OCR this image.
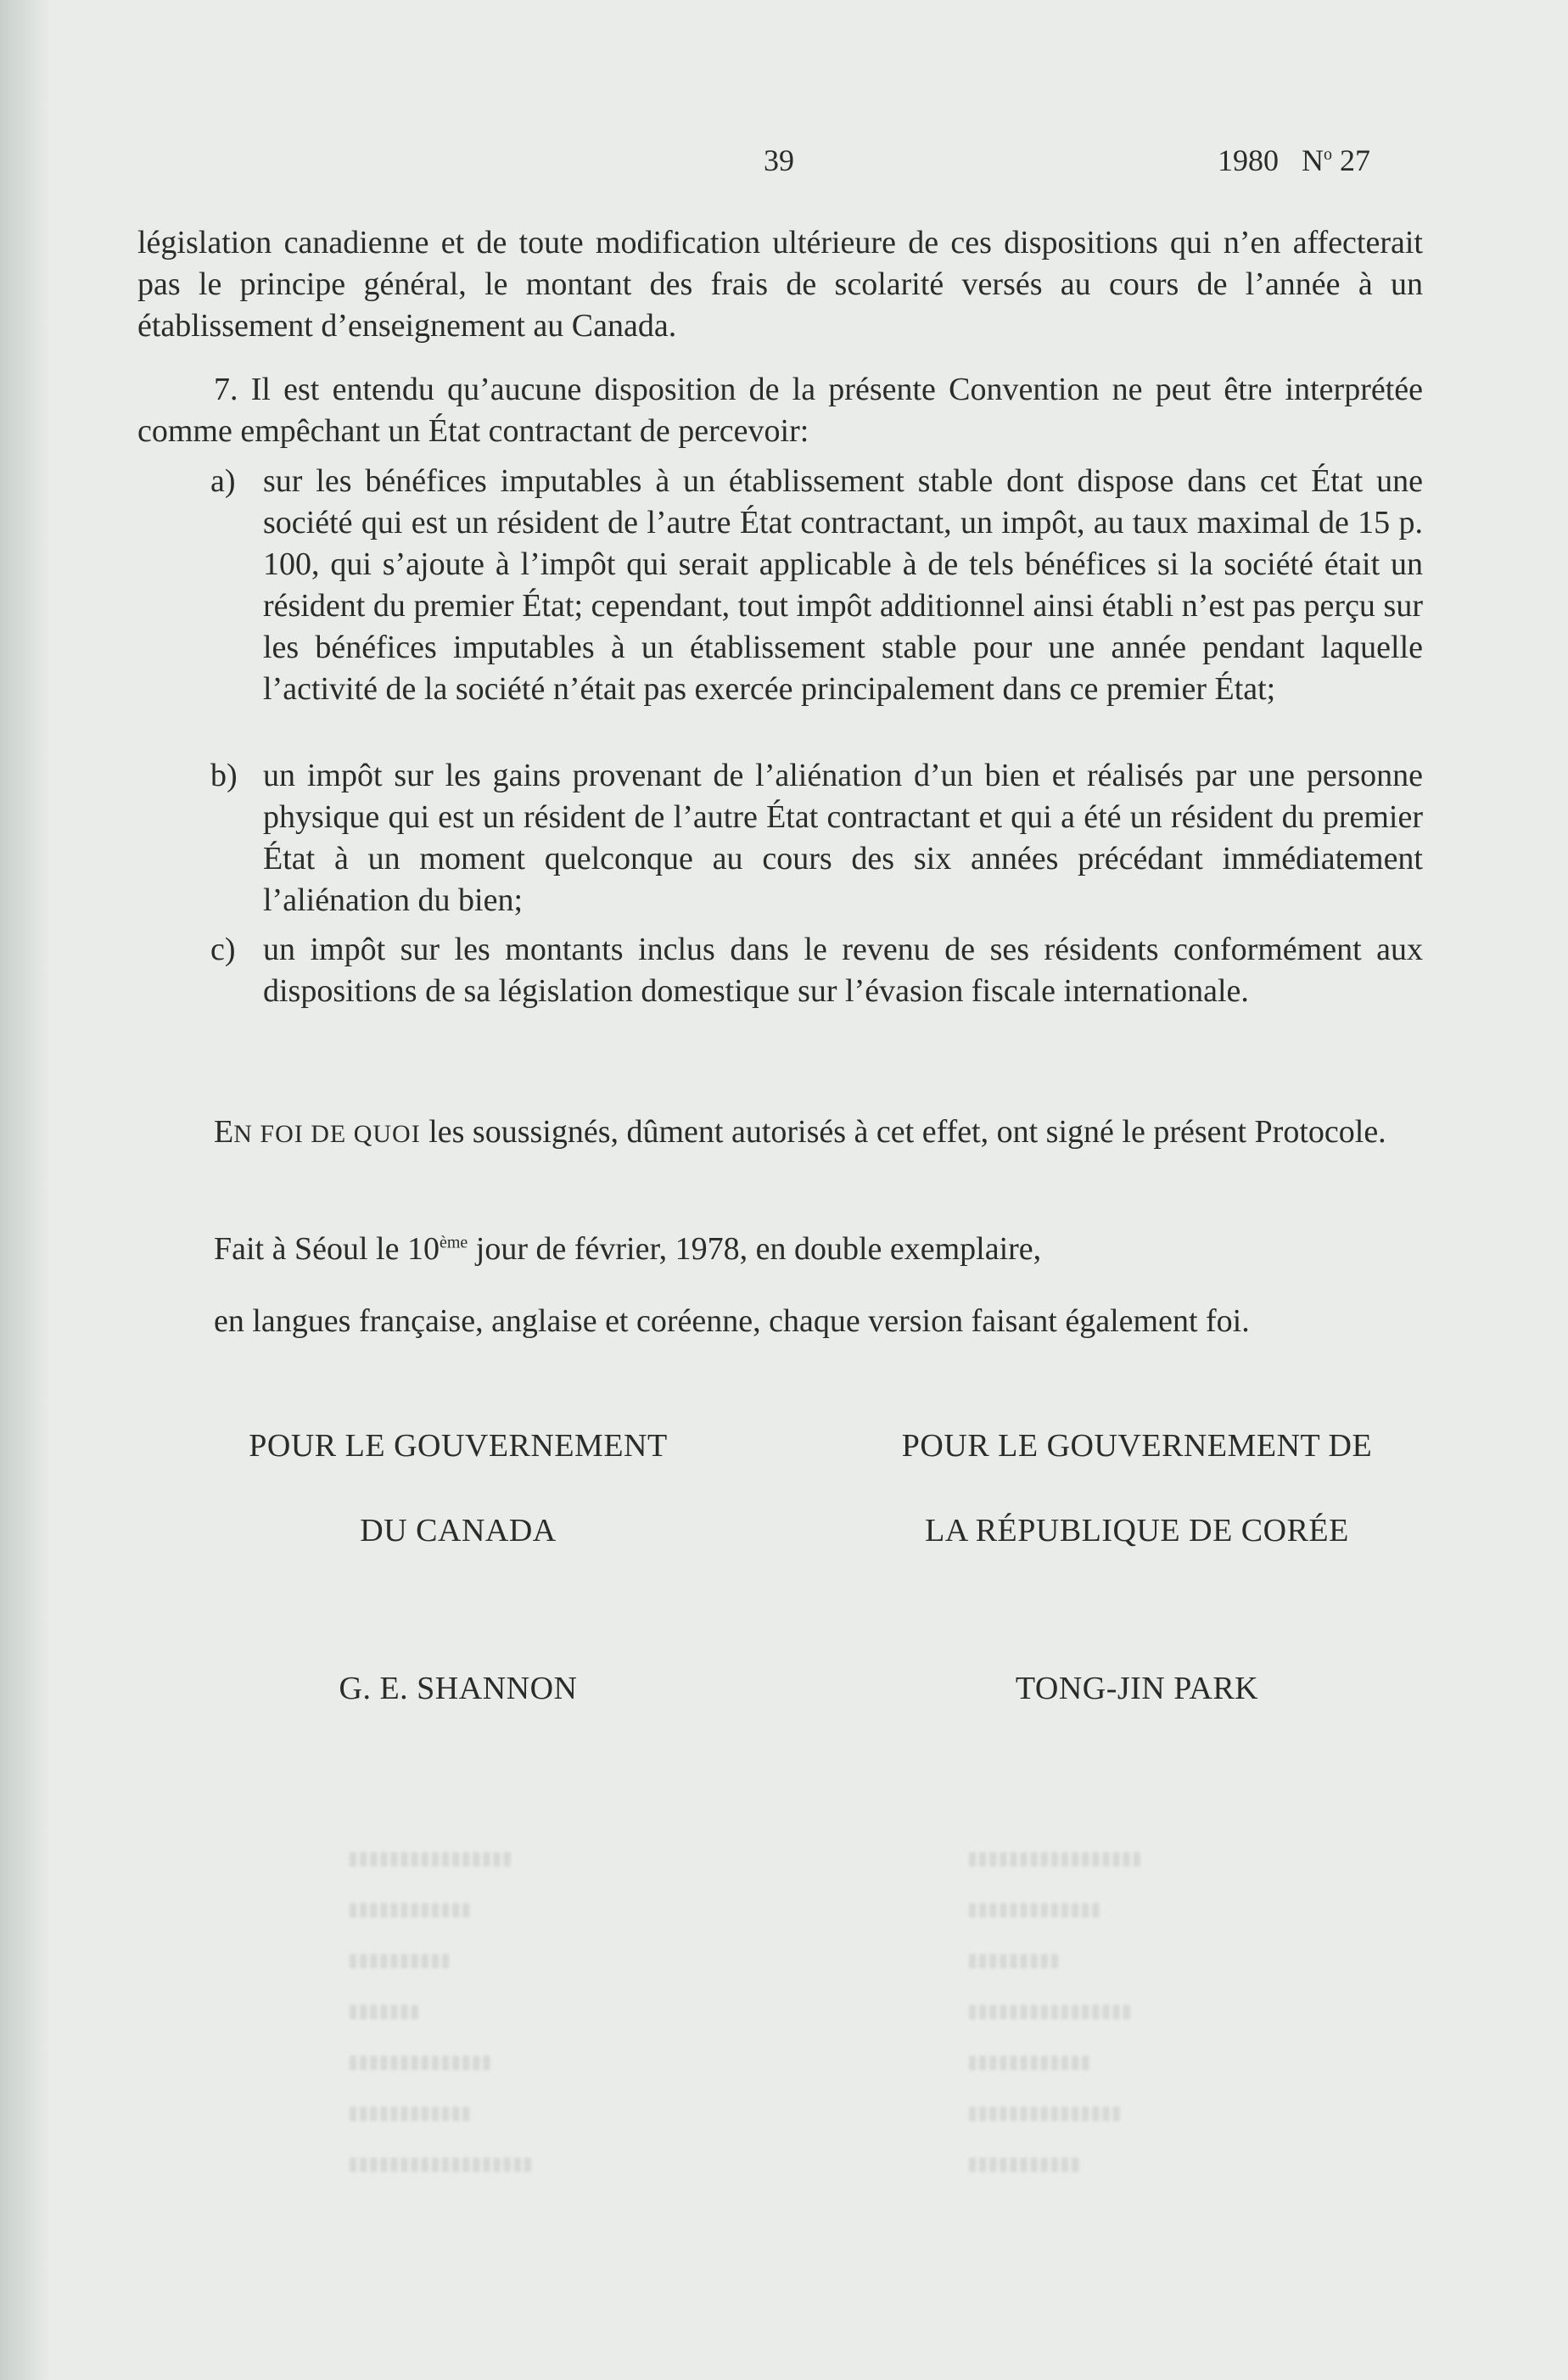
39	1980 $N^o$ 27
législation canadienne et de toute modification ultérieure de ces dispositions qui n’en affecterait pas le principe général, le montant des frais de scolarité versés au cours de l’année à un établissement d’enseignement au Canada.
7. Il est entendu qu’aucune disposition de la présente Convention ne peut être interprétée comme empêchant un État contractant de percevoir:
a) sur les bénéfices imputables à un établissement stable dont dispose dans cet État une société qui est un résident de l’autre État contractant, un impôt, au taux maximal de 15 p. 100, qui s’ajoute à l’impôt qui serait applicable à de tels bénéfices si la société était un résident du premier État; cependant, tout impôt additionnel ainsi établi n’est pas perçu sur les bénéfices imputables à un établissement stable pour une année pendant laquelle l’activité de la société n’était pas exercée principalement dans ce premier État;
b) un impôt sur les gains provenant de l’aliénation d’un bien et réalisés par une personne physique qui est un résident de l’autre État contractant et qui a été un résident du premier État à un moment quelconque au cours des six années précédant immédiatement l’aliénation du bien;
c) un impôt sur les montants inclus dans le revenu de ses résidents conformément aux dispositions de sa législation domestique sur l’évasion fiscale internationale.
EN FOI DE QUOI les soussignés, dûment autorisés à cet effet, ont signé le présent Protocole.
Fait à Séoul le 10ème jour de février, 1978, en double exemplaire,
en langues française, anglaise et coréenne, chaque version faisant également foi.
POUR LE GOUVERNEMENT	POUR LE GOUVERNEMENT DE
DU CANADA	LA RÉPUBLIQUE DE CORÉE
G. E. SHANNON	TONG-JIN PARK
▮▮▮▮▮▮▮▮▮▮▮▮▮▮▮▮
▮▮▮▮▮▮▮▮▮▮▮▮
▮▮▮▮▮▮▮▮▮▮
▮▮▮▮▮▮▮
▮▮▮▮▮▮▮▮▮▮▮▮▮▮
▮▮▮▮▮▮▮▮▮▮▮▮
▮▮▮▮▮▮▮▮▮▮▮▮▮▮▮▮▮▮
▮▮▮▮▮▮▮▮▮▮▮▮▮▮▮▮▮
▮▮▮▮▮▮▮▮▮▮▮▮▮
▮▮▮▮▮▮▮▮▮
▮▮▮▮▮▮▮▮▮▮▮▮▮▮▮▮
▮▮▮▮▮▮▮▮▮▮▮▮
▮▮▮▮▮▮▮▮▮▮▮▮▮▮▮
▮▮▮▮▮▮▮▮▮▮▮
